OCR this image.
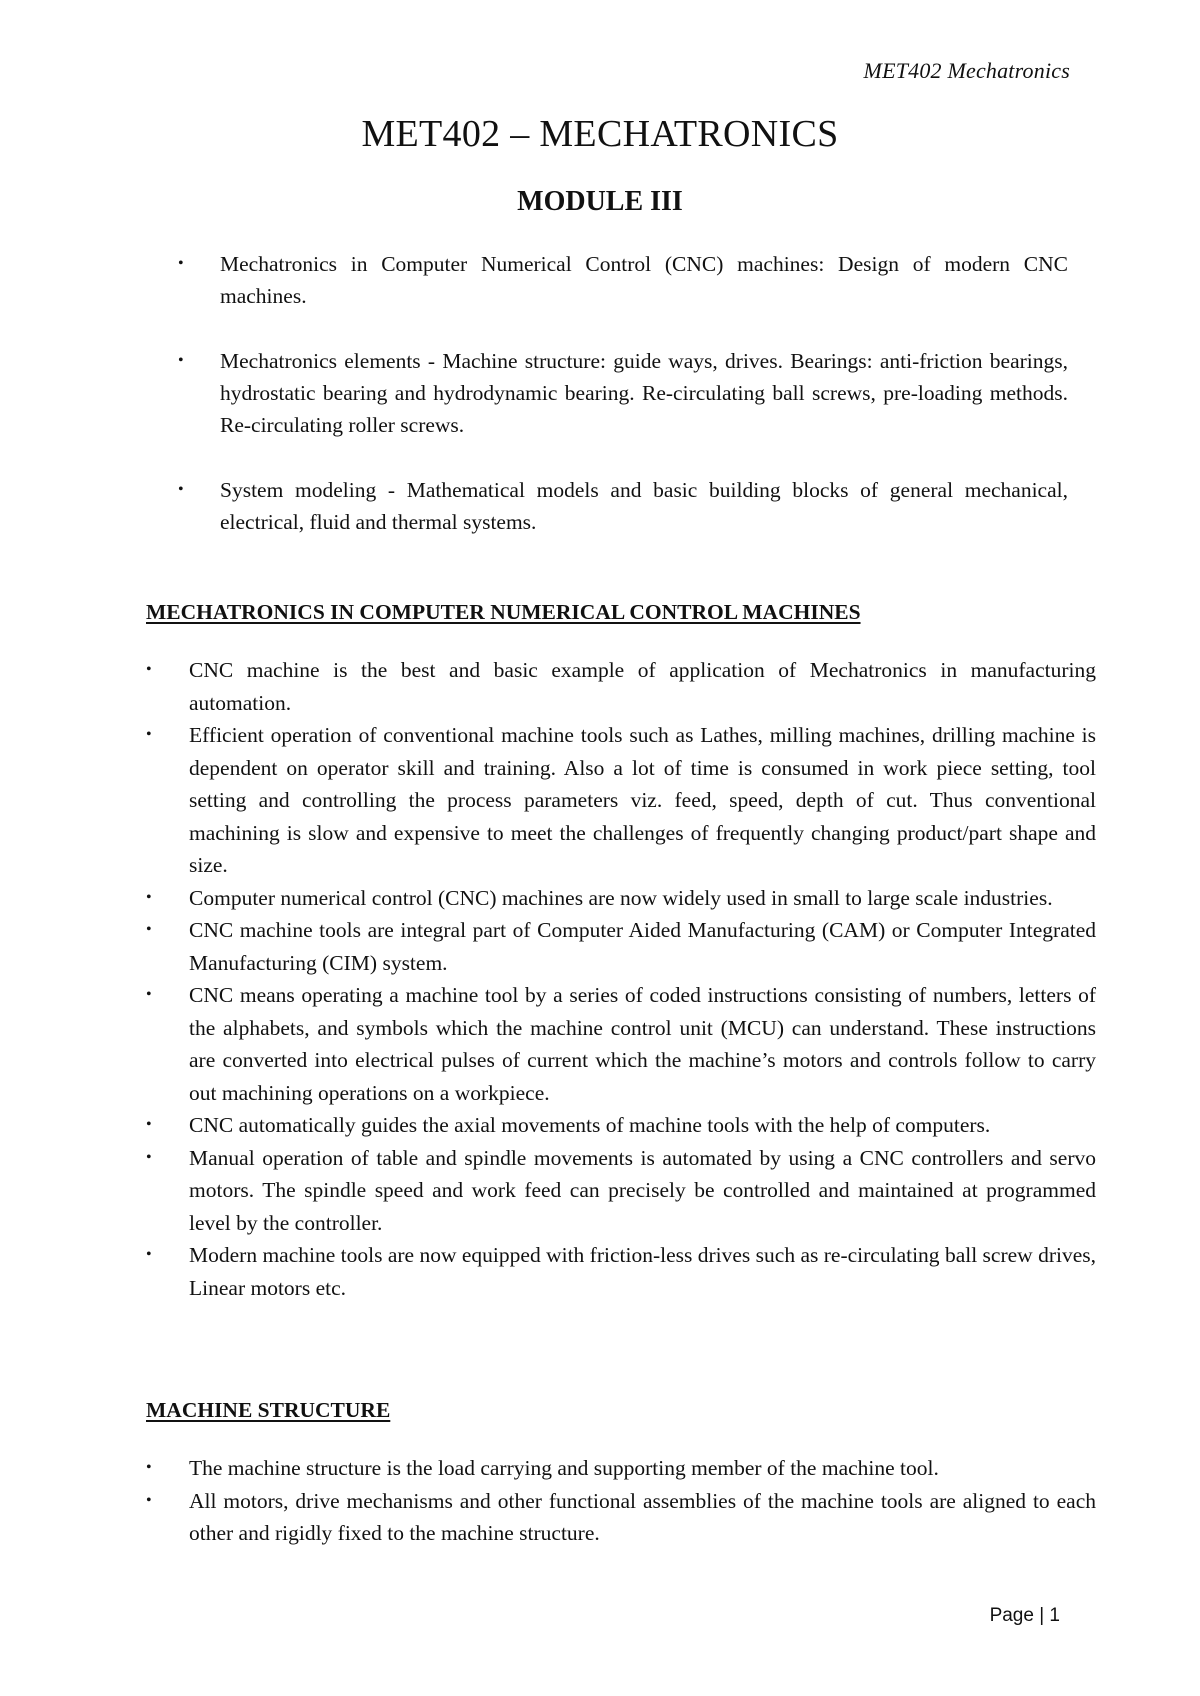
MET402 Mechatronics
MET402 – MECHATRONICS
MODULE III
• Mechatronics in Computer Numerical Control (CNC) machines: Design of modern CNC machines.
• Mechatronics elements - Machine structure: guide ways, drives. Bearings: anti-friction bearings, hydrostatic bearing and hydrodynamic bearing. Re-circulating ball screws, pre-loading methods. Re-circulating roller screws.
• System modeling - Mathematical models and basic building blocks of general mechanical, electrical, fluid and thermal systems.
MECHATRONICS IN COMPUTER NUMERICAL CONTROL MACHINES
• CNC machine is the best and basic example of application of Mechatronics in manufacturing automation.
• Efficient operation of conventional machine tools such as Lathes, milling machines, drilling machine is dependent on operator skill and training. Also a lot of time is consumed in work piece setting, tool setting and controlling the process parameters viz. feed, speed, depth of cut. Thus conventional machining is slow and expensive to meet the challenges of frequently changing product/part shape and size.
• Computer numerical control (CNC) machines are now widely used in small to large scale industries.
• CNC machine tools are integral part of Computer Aided Manufacturing (CAM) or Computer Integrated Manufacturing (CIM) system.
• CNC means operating a machine tool by a series of coded instructions consisting of numbers, letters of the alphabets, and symbols which the machine control unit (MCU) can understand. These instructions are converted into electrical pulses of current which the machine’s motors and controls follow to carry out machining operations on a workpiece.
• CNC automatically guides the axial movements of machine tools with the help of computers.
• Manual operation of table and spindle movements is automated by using a CNC controllers and servo motors. The spindle speed and work feed can precisely be controlled and maintained at programmed level by the controller.
• Modern machine tools are now equipped with friction-less drives such as re-circulating ball screw drives, Linear motors etc.
MACHINE STRUCTURE
• The machine structure is the load carrying and supporting member of the machine tool.
• All motors, drive mechanisms and other functional assemblies of the machine tools are aligned to each other and rigidly fixed to the machine structure.
Page | 1
